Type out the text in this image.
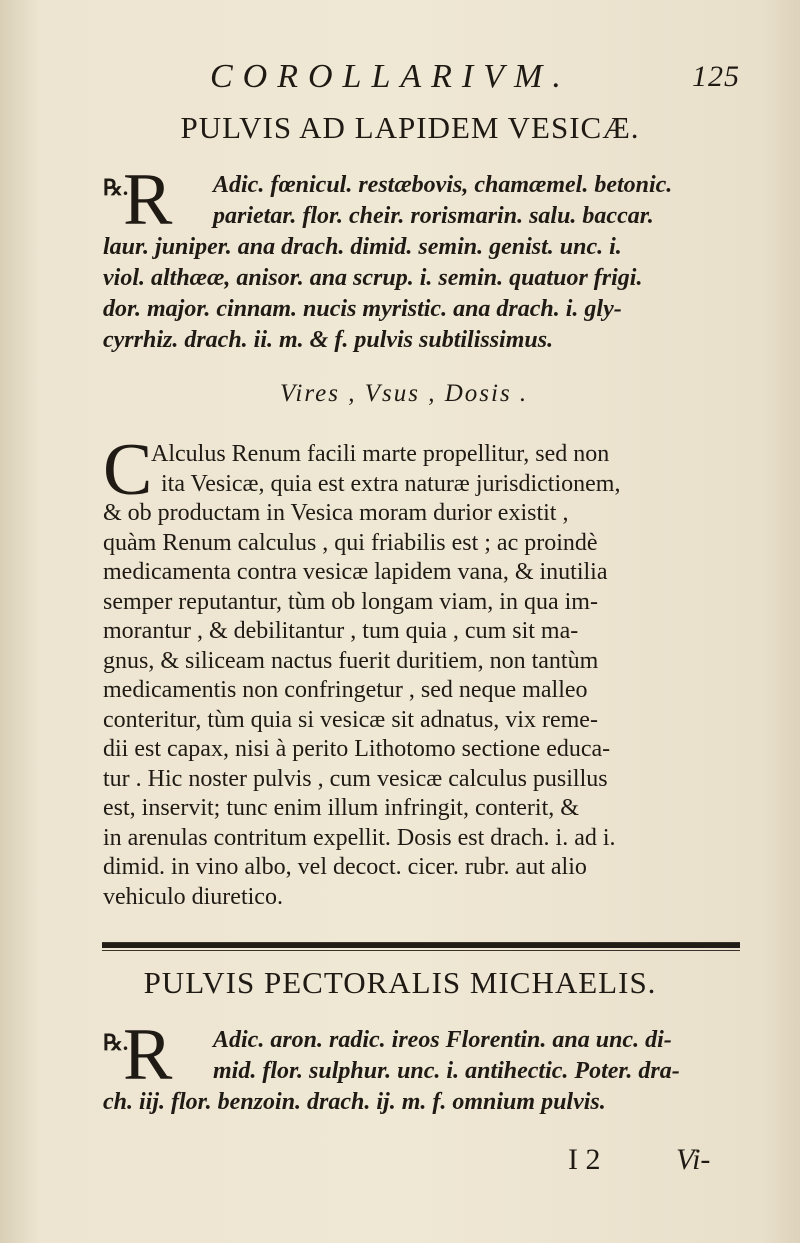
COROLLARIVM.	125
PULVIS AD LAPIDEM VESICÆ.
℞.
R Adic. fœnicul. restæbovis, chamæmel. betonic.
parietar. flor. cheir. rorismarin. salu. baccar.
laur. juniper. ana drach. dimid. semin. genist. unc. i.
viol. althææ, anisor. ana scrup. i. semin. quatuor frigi.
dor. major. cinnam. nucis myristic. ana drach. i. gly-
cyrrhiz. drach. ii. m. & f. pulvis subtilissimus.
Vires , Vsus , Dosis .
C
Alculus Renum facili marte propellitur, sed non
ita Vesicæ, quia est extra naturæ jurisdictionem,
& ob productam in Vesica moram durior existit ,
quàm Renum calculus , qui friabilis est ; ac proindè
medicamenta contra vesicæ lapidem vana, & inutilia
semper reputantur, tùm ob longam viam, in qua im-
morantur , & debilitantur , tum quia , cum sit ma-
gnus, & siliceam nactus fuerit duritiem, non tantùm
medicamentis non confringetur , sed neque malleo
conteritur, tùm quia si vesicæ sit adnatus, vix reme-
dii est capax, nisi à perito Lithotomo sectione educa-
tur . Hic noster pulvis , cum vesicæ calculus pusillus
est, inservit; tunc enim illum infringit, conterit, &
in arenulas contritum expellit. Dosis est drach. i. ad i.
dimid. in vino albo, vel decoct. cicer. rubr. aut alio
vehiculo diuretico.
PULVIS PECTORALIS MICHAELIS.
℞.
R Adic. aron. radic. ireos Florentin. ana unc. di-
mid. flor. sulphur. unc. i. antihectic. Poter. dra-
ch. iij. flor. benzoin. drach. ij. m. f. omnium pulvis.
I 2	Vi-
